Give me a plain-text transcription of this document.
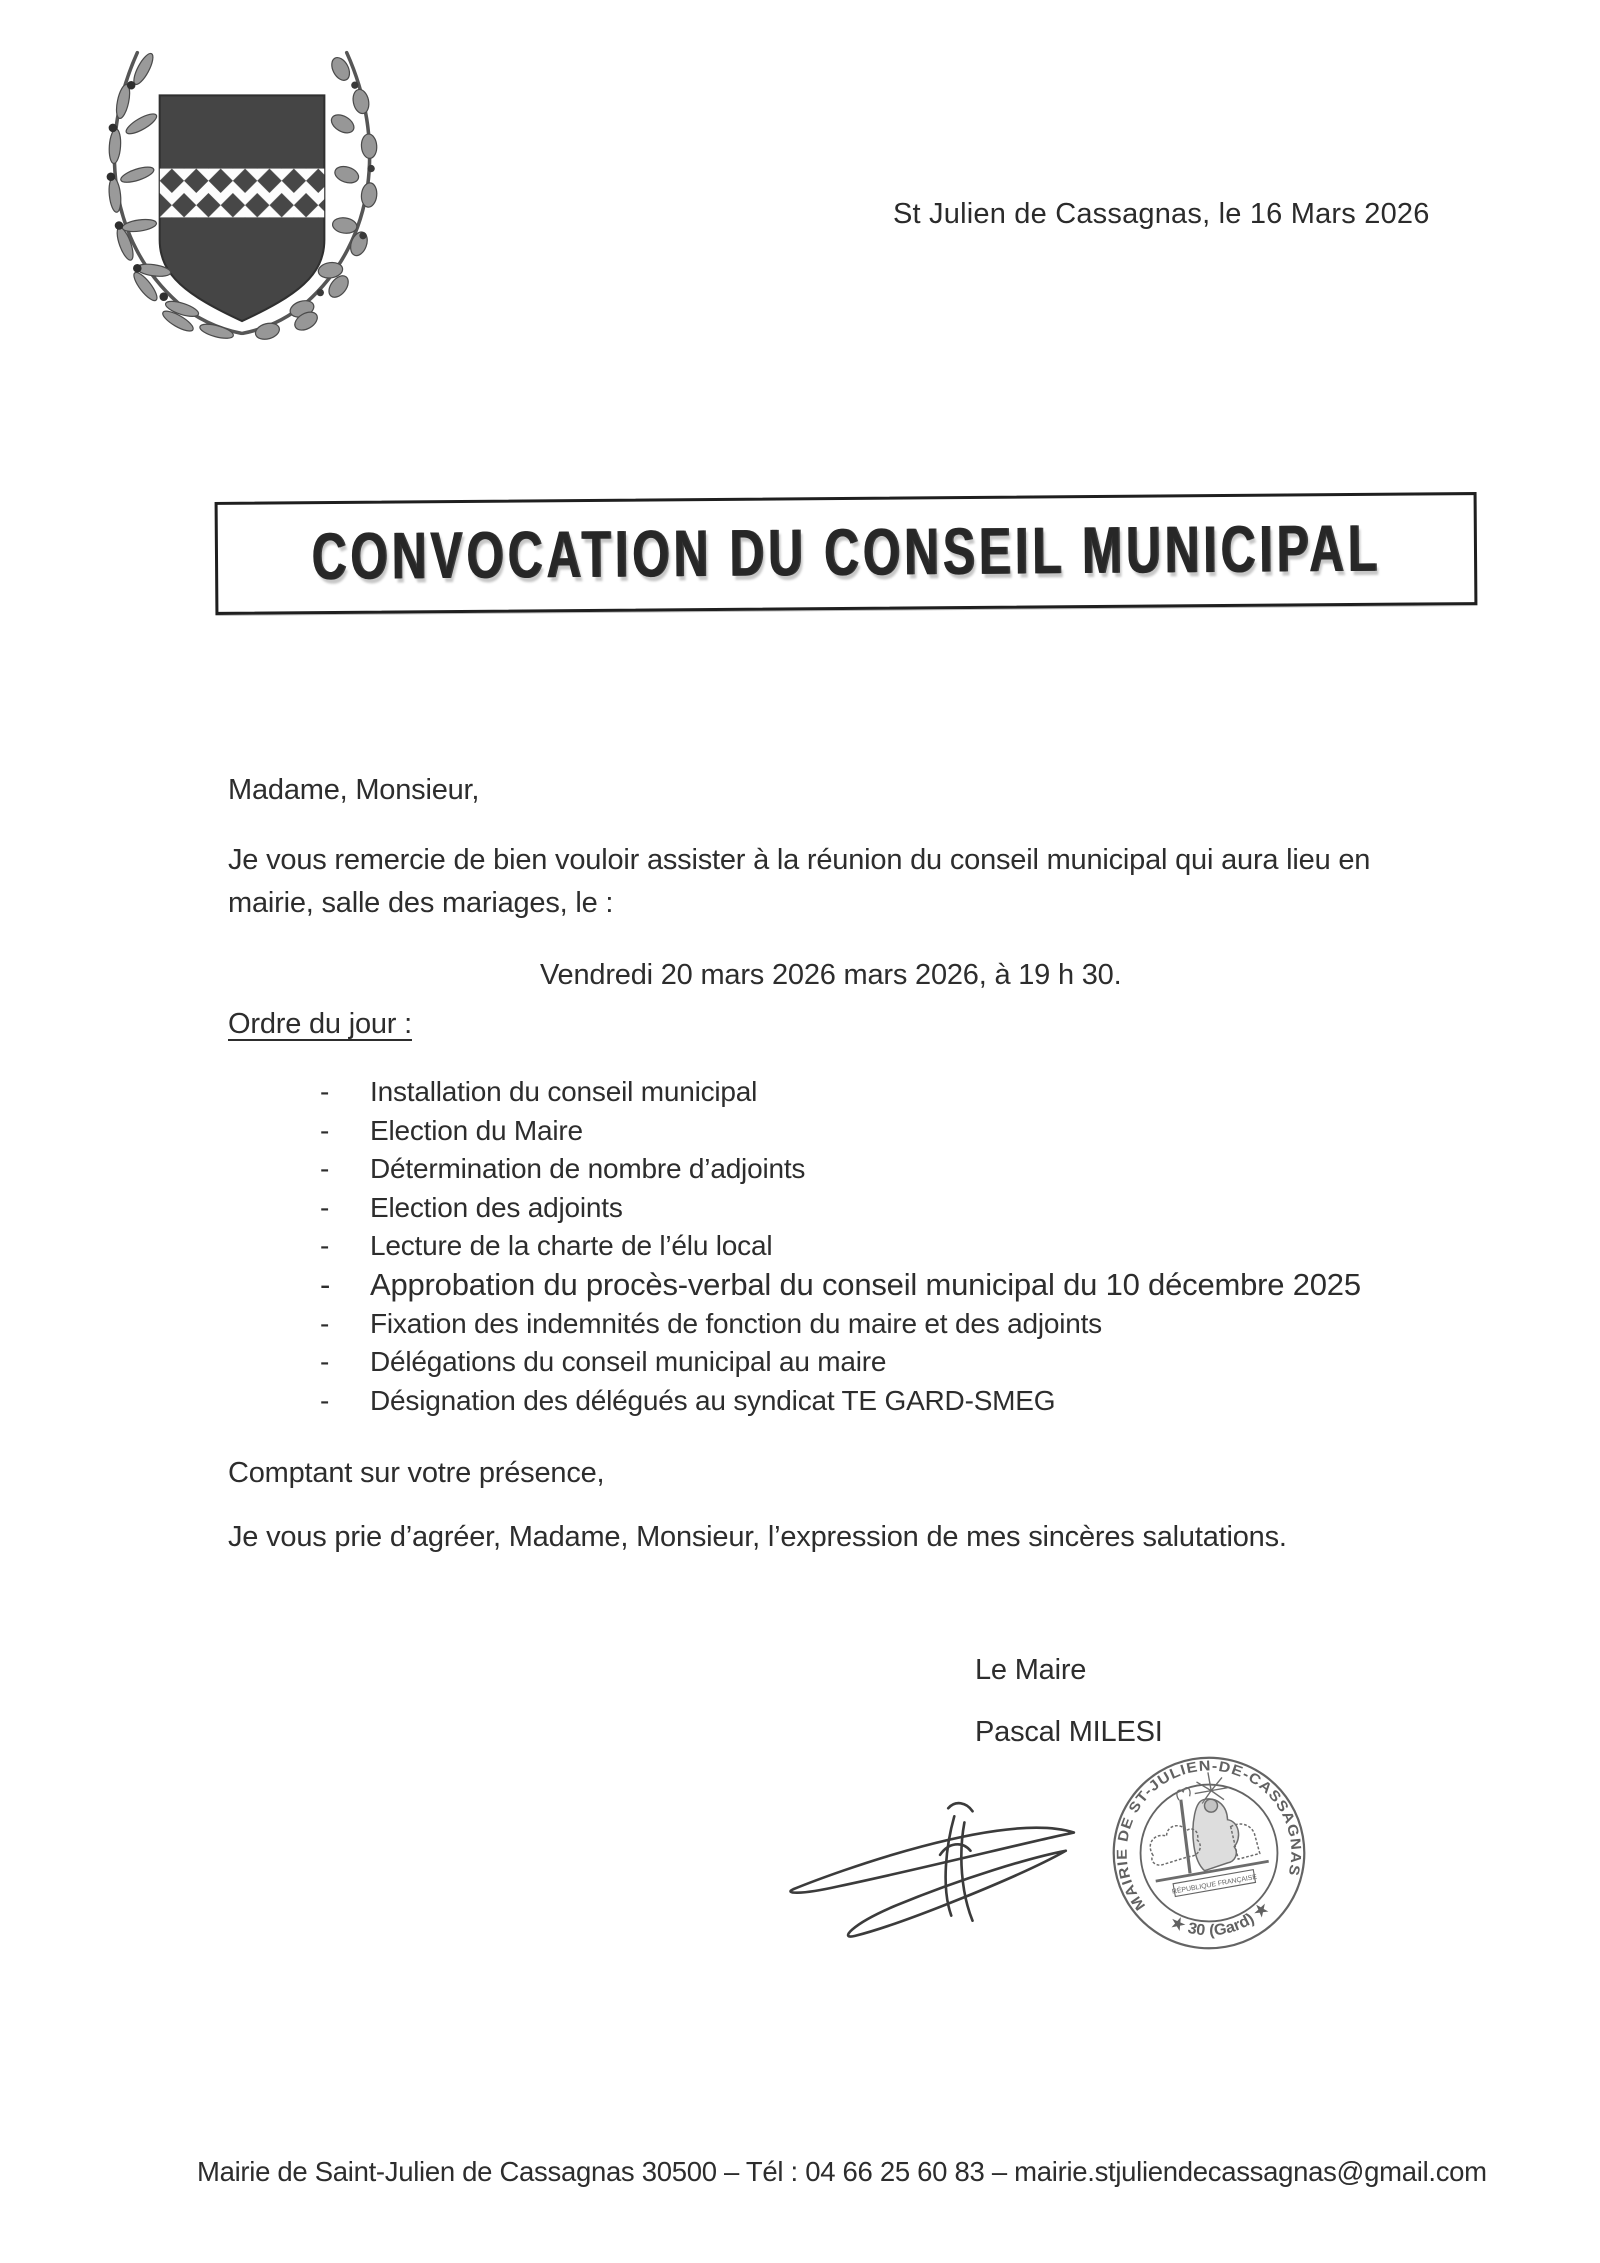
St Julien de Cassagnas, le 16 Mars 2026
CONVOCATION DU CONSEIL MUNICIPAL
Madame, Monsieur,
Je vous remercie de bien vouloir assister à la réunion du conseil municipal qui aura lieu en
mairie, salle des mariages, le :
Vendredi 20 mars 2026 mars 2026, à 19 h 30.
Ordre du jour :
-	Installation du conseil municipal
-	Election du Maire
-	Détermination de nombre d’adjoints
-	Election des adjoints
-	Lecture de la charte de l’élu local
-	Approbation du procès-verbal du conseil municipal du 10 décembre 2025
-	Fixation des indemnités de fonction du maire et des adjoints
-	Délégations du conseil municipal au maire
-	Désignation des délégués au syndicat TE GARD-SMEG
Comptant sur votre présence,
Je vous prie d’agréer, Madame, Monsieur, l’expression de mes sincères salutations.
Le Maire
Pascal MILESI
MAIRIE DE ST-JULIEN-DE-CASSAGNAS
★ 30 (Gard) ★
RÉPUBLIQUE FRANÇAISE
Mairie de Saint-Julien de Cassagnas 30500 – Tél : 04 66 25 60 83 – mairie.stjuliendecassagnas@gmail.com
